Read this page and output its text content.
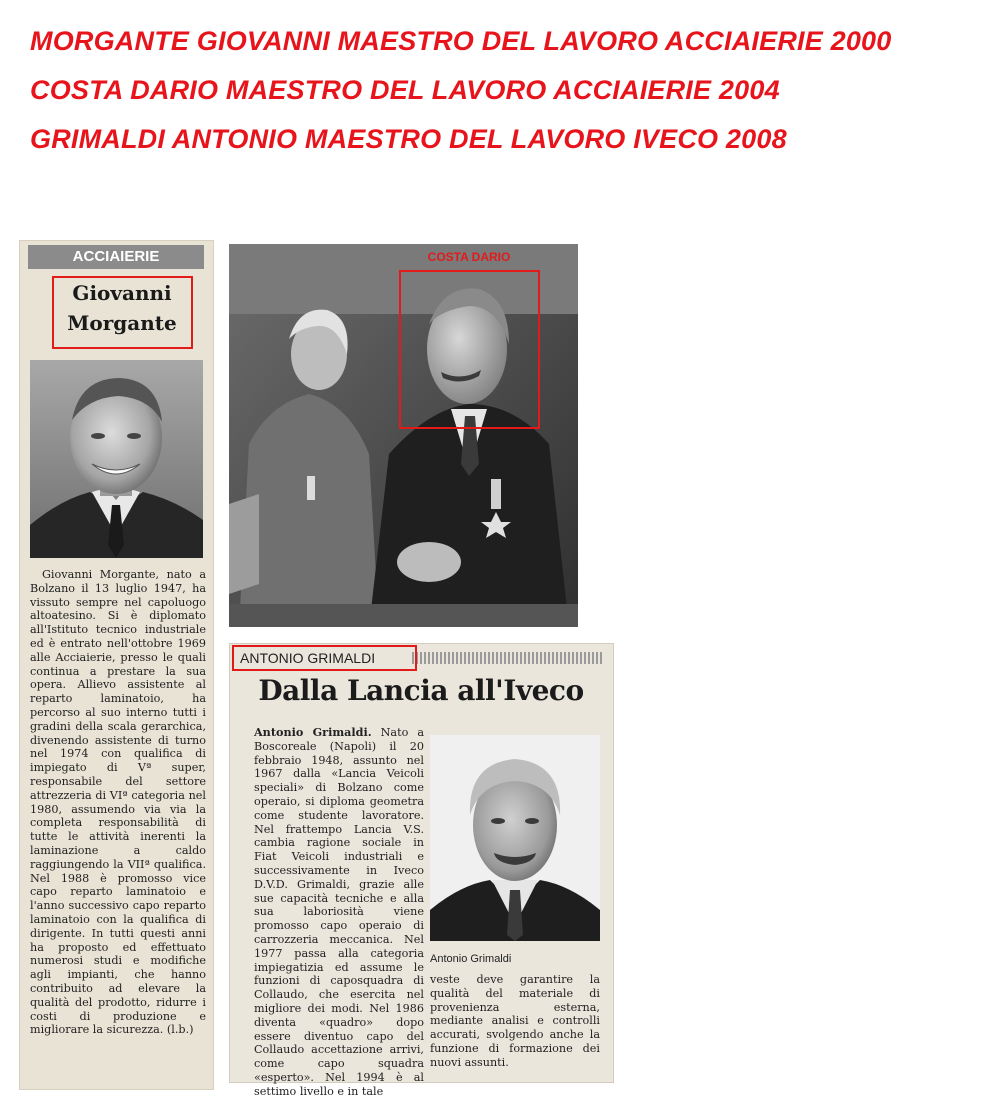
MORGANTE GIOVANNI MAESTRO DEL LAVORO ACCIAIERIE 2000
COSTA DARIO MAESTRO DEL LAVORO ACCIAIERIE 2004
GRIMALDI ANTONIO MAESTRO DEL LAVORO IVECO 2008
ACCIAIERIE
Giovanni
Morgante
Giovanni Morgante, nato a Bolzano il 13 luglio 1947, ha vissuto sempre nel capoluogo altoatesino. Si è diplomato all'Istituto tecnico industriale ed è entrato nell'ottobre 1969 alle Acciaierie, presso le quali continua a prestare la sua opera. Allievo assistente al reparto laminatoio, ha percorso al suo interno tutti i gradini della scala gerarchica, divenendo assistente di turno nel 1974 con qualifica di impiegato di Vª super, responsabile del settore attrezzeria di VIª categoria nel 1980, assumendo via via la completa responsabilità di tutte le attività inerenti la laminazione a caldo raggiungendo la VIIª qualifica. Nel 1988 è promosso vice capo reparto laminatoio e l'anno successivo capo reparto laminatoio con la qualifica di dirigente. In tutti questi anni ha proposto ed effettuato numerosi studi e modifiche agli impianti, che hanno contribuito ad elevare la qualità del prodotto, ridurre i costi di produzione e migliorare la sicurezza. (l.b.)
COSTA DARIO
ANTONIO GRIMALDI
Dalla Lancia all'Iveco
Antonio Grimaldi. Nato a Boscoreale (Napoli) il 20 febbraio 1948, assunto nel 1967 dalla «Lancia Veicoli speciali» di Bolzano come operaio, si diploma geometra come studente lavoratore. Nel frattempo Lancia V.S. cambia ragione sociale in Fiat Veicoli industriali e successivamente in Iveco D.V.D. Grimaldi, grazie alle sue capacità tecniche e alla sua laboriosità viene promosso capo operaio di carrozzeria meccanica. Nel 1977 passa alla categoria impiegatizia ed assume le funzioni di caposquadra di Collaudo, che esercita nel migliore dei modi. Nel 1986 diventa «quadro» dopo essere diventuo capo del Collaudo accettazione arrivi, come capo squadra «esperto». Nel 1994 è al settimo livello e in tale
Antonio Grimaldi
veste deve garantire la qualità del materiale di provenienza esterna, mediante analisi e controlli accurati, svolgendo anche la funzione di formazione dei nuovi assunti.
